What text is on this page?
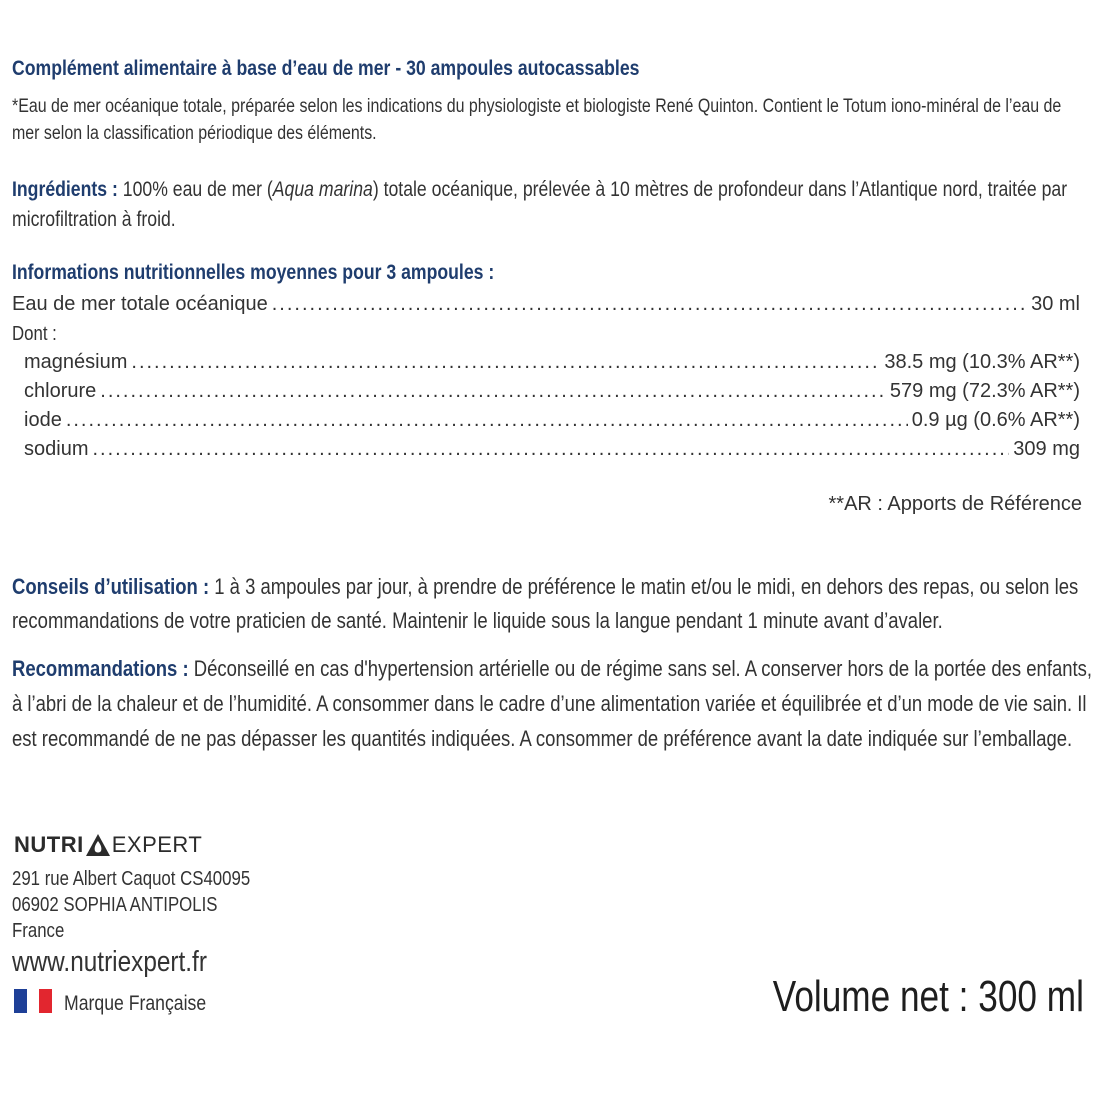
Complément alimentaire à base d’eau de mer - 30 ampoules autocassables
*Eau de mer océanique totale, préparée selon les indications du physiologiste et biologiste René Quinton. Contient le Totum iono-minéral de l’eau de mer selon la classification périodique des éléments.
Ingrédients : 100% eau de mer (Aqua marina) totale océanique, prélevée à 10 mètres de profondeur dans l’Atlantique nord, traitée par microfiltration à froid.
Informations nutritionnelles moyennes pour 3 ampoules :
Eau de mer totale océanique .....	30 ml
Dont :
magnésium .....	38.5 mg (10.3% AR**)
chlorure .....	579 mg (72.3% AR**)
iode .....	0.9 µg (0.6% AR**)
sodium .....	309 mg
**AR : Apports de Référence
Conseils d’utilisation : 1 à 3 ampoules par jour, à prendre de préférence le matin et/ou le midi, en dehors des repas, ou selon les recommandations de votre praticien de santé. Maintenir le liquide sous la langue pendant 1 minute avant d’avaler.
Recommandations : Déconseillé en cas d'hypertension artérielle ou de régime sans sel. A conserver hors de la portée des enfants, à l’abri de la chaleur et de l’humidité. A consommer dans le cadre d’une alimentation variée et équilibrée et d’un mode de vie sain. Il est recommandé de ne pas dépasser les quantités indiquées. A consommer de préférence avant la date indiquée sur l’emballage.
NUTRI EXPERT
291 rue Albert Caquot CS40095
06902 SOPHIA ANTIPOLIS
France
www.nutriexpert.fr
Marque Française	Volume net : 300 ml
